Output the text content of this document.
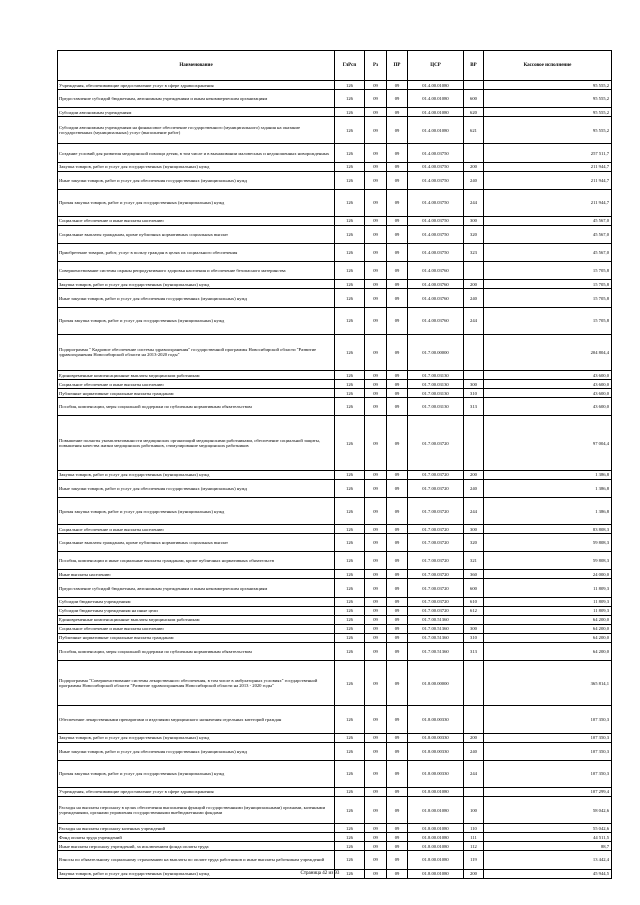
Наименование	ГлРсп	Рз	ПР	ЦСР	ВР	Кассовое исполнение
Учреждения, обеспечивающие предоставление услуг в сфере здравоохранения	126	09	09	01.4.00.01080		95 555,2
Предоставление субсидий бюджетным, автономным учреждениям и иным некоммерческим организациям	126	09	09	01.4.00.01080	600	95 555,2
Субсидии автономным учреждениям	126	09	09	01.4.00.01080	620	95 555,2
Субсидии автономным учреждениям на финансовое обеспечение государственного (муниципального) задания на оказание государственных (муниципальных) услуг (выполнение работ)	126	09	09	01.4.00.01080	621	95 555,2
Создание условий для развития медицинской помощи детям, в том числе и в выхаживании маловесных и недоношенных новорожденных	126	09	09	01.4.00.03750		257 511,7
Закупка товаров, работ и услуг для государственных (муниципальных) нужд	126	09	09	01.4.00.03750	200	211 944,7
Иные закупки товаров, работ и услуг для обеспечения государственных (муниципальных) нужд	126	09	09	01.4.00.03750	240	211 944,7
Прочая закупка товаров, работ и услуг для государственных (муниципальных) нужд	126	09	09	01.4.00.03750	244	211 944,7
Социальное обеспечение и иные выплаты населению	126	09	09	01.4.00.03750	300	45 567,0
Социальные выплаты гражданам, кроме публичных нормативных социальных выплат	126	09	09	01.4.00.03750	320	45 567,0
Приобретение товаров, работ, услуг в пользу граждан в целях их социального обеспечения	126	09	09	01.4.00.03750	323	45 567,0
Совершенствование системы охраны репродуктивного здоровья населения и обеспечение безопасного материнства	126	09	09	01.4.00.03760		15 705,8
Закупка товаров, работ и услуг для государственных (муниципальных) нужд	126	09	09	01.4.00.03760	200	15 705,8
Иные закупки товаров, работ и услуг для обеспечения государственных (муниципальных) нужд	126	09	09	01.4.00.03760	240	15 705,8
Прочая закупка товаров, работ и услуг для государственных (муниципальных) нужд	126	09	09	01.4.00.03760	244	15 705,8
Подпрограмма " Кадровое обеспечение системы здравоохранения" государственной программы Новосибирской области "Развитие здравоохранения Новосибирской области на 2013-2020 годы"	126	09	09	01.7.00.00000		204 804,4
Единовременные компенсационные выплаты медицинским работникам	126	09	09	01.7.00.03130		43 600,0
Социальное обеспечение и иные выплаты населению	126	09	09	01.7.00.03130	300	43 600,0
Публичные нормативные социальные выплаты гражданам	126	09	09	01.7.00.03130	310	43 600,0
Пособия, компенсации, меры социальной поддержки по публичным нормативным обязательствам	126	09	09	01.7.00.03130	313	43 600,0
Повышение полноты укомплектованности медицинских организаций медицинскими работниками, обеспечение социальной защиты, повышения качества жизни медицинских работников, стимулирование медицинских работников	126	09	09	01.7.00.03720		97 004,4
Закупка товаров, работ и услуг для государственных (муниципальных) нужд	126	09	09	01.7.00.03720	200	1 386,8
Иные закупки товаров, работ и услуг для обеспечения государственных (муниципальных) нужд	126	09	09	01.7.00.03720	240	1 386,8
Прочая закупка товаров, работ и услуг для государственных (муниципальных) нужд	126	09	09	01.7.00.03720	244	1 386,8
Социальное обеспечение и иные выплаты населению	126	09	09	01.7.00.03720	300	83 808,3
Социальные выплаты гражданам, кроме публичных нормативных социальных выплат	126	09	09	01.7.00.03720	320	59 808,3
Пособия, компенсации и иные социальные выплаты гражданам, кроме публичных нормативных обязательств	126	09	09	01.7.00.03720	321	59 808,3
Иные выплаты населению	126	09	09	01.7.00.03720	360	24 000,0
Предоставление субсидий бюджетным, автономным учреждениям и иным некоммерческим организациям	126	09	09	01.7.00.03720	600	11 809,3
Субсидии бюджетным учреждениям	126	09	09	01.7.00.03720	610	11 809,3
Субсидии бюджетным учреждениям на иные цели	126	09	09	01.7.00.03720	612	11 809,3
Единовременные компенсационные выплаты медицинским работникам	126	09	09	01.7.00.51360		64 200,0
Социальное обеспечение и иные выплаты населению	126	09	09	01.7.00.51360	300	64 200,0
Публичные нормативные социальные выплаты гражданам	126	09	09	01.7.00.51360	310	64 200,0
Пособия, компенсации, меры социальной поддержки по публичным нормативным обязательствам	126	09	09	01.7.00.51360	313	64 200,0
Подпрограмма "Совершенствование системы лекарственного обеспечения, в том числе в амбулаторных условиях" государственной программы Новосибирской области "Развитие здравоохранения Новосибирской области на 2013 - 2020 годы"	126	09	09	01.8.00.00000		365 814,1
Обеспечение лекарственными препаратами и изделиями медицинского назначения отдельных категорий граждан	126	09	09	01.8.00.00330		107 350,3
Закупка товаров, работ и услуг для государственных (муниципальных) нужд	126	09	09	01.8.00.00330	200	107 350,3
Иные закупки товаров, работ и услуг для обеспечения государственных (муниципальных) нужд	126	09	09	01.8.00.00330	240	107 350,3
Прочая закупка товаров, работ и услуг для государственных (муниципальных) нужд	126	09	09	01.8.00.00330	244	107 350,3
Учреждения, обеспечивающие предоставление услуг в сфере здравоохранения	126	09	09	01.8.00.01080		107 299,4
Расходы на выплаты персоналу в целях обеспечения выполнения функций государственными (муниципальными) органами, казенными учреждениями, органами управления государственными внебюджетными фондами	126	09	09	01.8.00.01080	100	58 042,6
Расходы на выплаты персоналу казенных учреждений	126	09	09	01.8.00.01080	110	55 042,6
Фонд оплаты труда учреждений	126	09	09	01.8.00.01080	111	44 511,5
Иные выплаты персоналу учреждений, за исключением фонда оплаты труда	126	09	09	01.8.00.01080	112	88,7
Взносы по обязательному социальному страхованию на выплаты по оплате труда работников и иные выплаты работникам учреждений	126	09	09	01.8.00.01080	119	13 442,4
Закупка товаров, работ и услуг для государственных (муниципальных) нужд	126	09	09	01.8.00.01080	200	45 944,5
Страница 42 из 93
